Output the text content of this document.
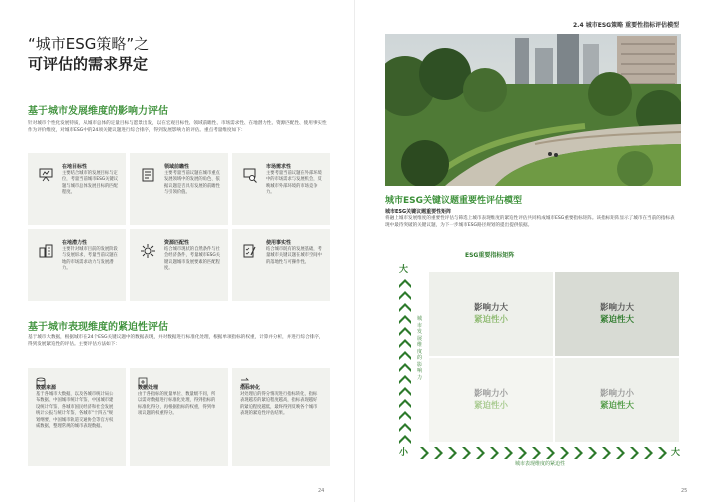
“城市ESG策略”之
可评估的需求界定
基于城市发展维度的影响力评估
针对城市个性化发展特质，从城市总体的定量目标与愿景出发，以在宏观目标性、领域前瞻性、市场需求性、在地潜力性、资源匹配性、使用事实性作为评价维度，对城市ESG中的24项关键议题进行综合排序，得到发展影响力的评估。重点考量维度如下：
在地目标性
主要结合城市的发展目标与定位，考量当前城市ESG关键议题与城市总体发展目标的匹配程度。
领域前瞻性
主要考量当前议题在城市重点发展领域中的发展的角色、依据议题是否具有发展的前瞻性与引领价值。
市场需求性
主要考量当前议题在外部环境中的市场需求与发展机会，反映城市外部环境的市场竞争力。
在地潜力性
主要针对城市目前的发展阶段与发展诉求，考量当前议题在地的市场需求动力与发展潜力。
资源匹配性
结合城市现状的自然条件与社会经济条件，考量城市ESG关键议题城市发展要素的匹配程度。
使用事实性
结合城市既有的发展基础，考量城市关键议题在城市空间中的落地性与可操作性。
基于城市表现维度的紧迫性评估
基于城市大数据，根据城市在24个ESG关键议题中的数据表现，并对数据进行标准化处理，根据单项指标的权重，计算并分析，并进行综合排序，得到发展紧迫性的评估。主要评估方法如下：
数据来源
基于各城市大数据，以及各城市统计局公布数据、中国城市统计年鉴、中国城市建设统计年鉴、各城市国民经济和社会发展统计公报与统计年鉴、各城市"十四五"规划纲要、中国城市轨道交通协会等官方权威数据，整理常规的城市表现数据。
数据处理
由于各指标的度量单位、数量级不同，所以需对数据进行标准化处理，得到指标的标准化得分，再根据指标的权重，得到单项议题的权重得分。
指标转化
对处理后的得分情况进行指标转化，指标表现越差的紧迫程度越高，指标表现越好的紧迫程度越低，最终得到反映各个城市表现的紧迫性评估结果。
24
2.4 城市ESG策略 重要性指标评估模型
城市ESG关键议题重要性评估模型
城市ESG关键议题重要性矩阵
将融上城市发展维度的重要性评估与筛选上城市表现维度的紧迫性评估共同构成城市ESG重要指标矩阵。该指标矩阵显示了城市在当前的指标表现中最待突破的关键议题，为下一步城市ESG路径规划的提出提供依据。
ESG重要指标矩阵
大
城市发展维度的影响力
影响力大
紧迫性小
影响力大
紧迫性大
影响力小
紧迫性小
影响力小
紧迫性大
小	大
城市表现维度的紧迫性
25
